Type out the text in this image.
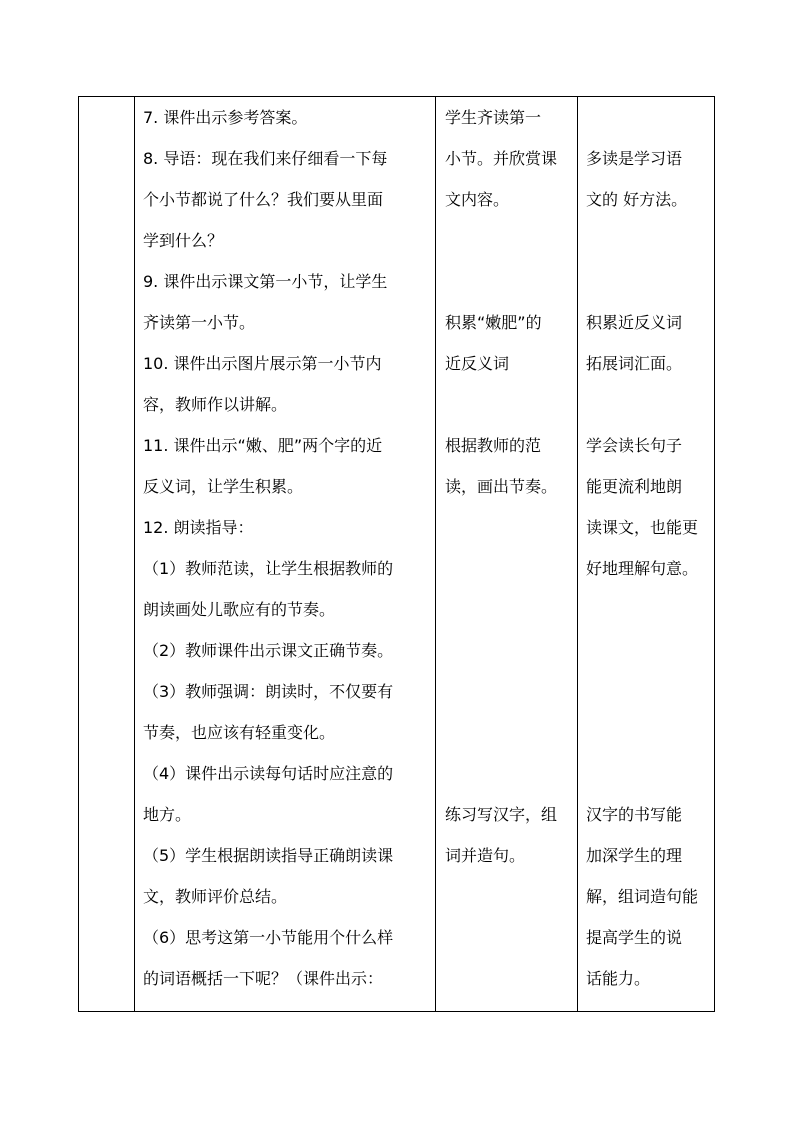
7. 课件出示参考答案。
8. 导语：现在我们来仔细看一下每
个小节都说了什么？我们要从里面
学到什么？
9. 课件出示课文第一小节，让学生
齐读第一小节。
10. 课件出示图片展示第一小节内
容，教师作以讲解。
11. 课件出示“嫩、肥”两个字的近
反义词，让学生积累。
12. 朗读指导：
（1）教师范读，让学生根据教师的
朗读画处儿歌应有的节奏。
（2）教师课件出示课文正确节奏。
（3）教师强调：朗读时，不仅要有
节奏，也应该有轻重变化。
（4）课件出示读每句话时应注意的
地方。
（5）学生根据朗读指导正确朗读课
文，教师评价总结。
（6）思考这第一小节能用个什么样
的词语概括一下呢？（课件出示：
学生齐读第一
小节。并欣赏课
文内容。
积累“嫩肥”的
近反义词
根据教师的范
读，画出节奏。
练习写汉字，组
词并造句。
多读是学习语
文的 好方法。
积累近反义词
拓展词汇面。
学会读长句子
能更流利地朗
读课文，也能更
好地理解句意。
汉字的书写能
加深学生的理
解，组词造句能
提高学生的说
话能力。
